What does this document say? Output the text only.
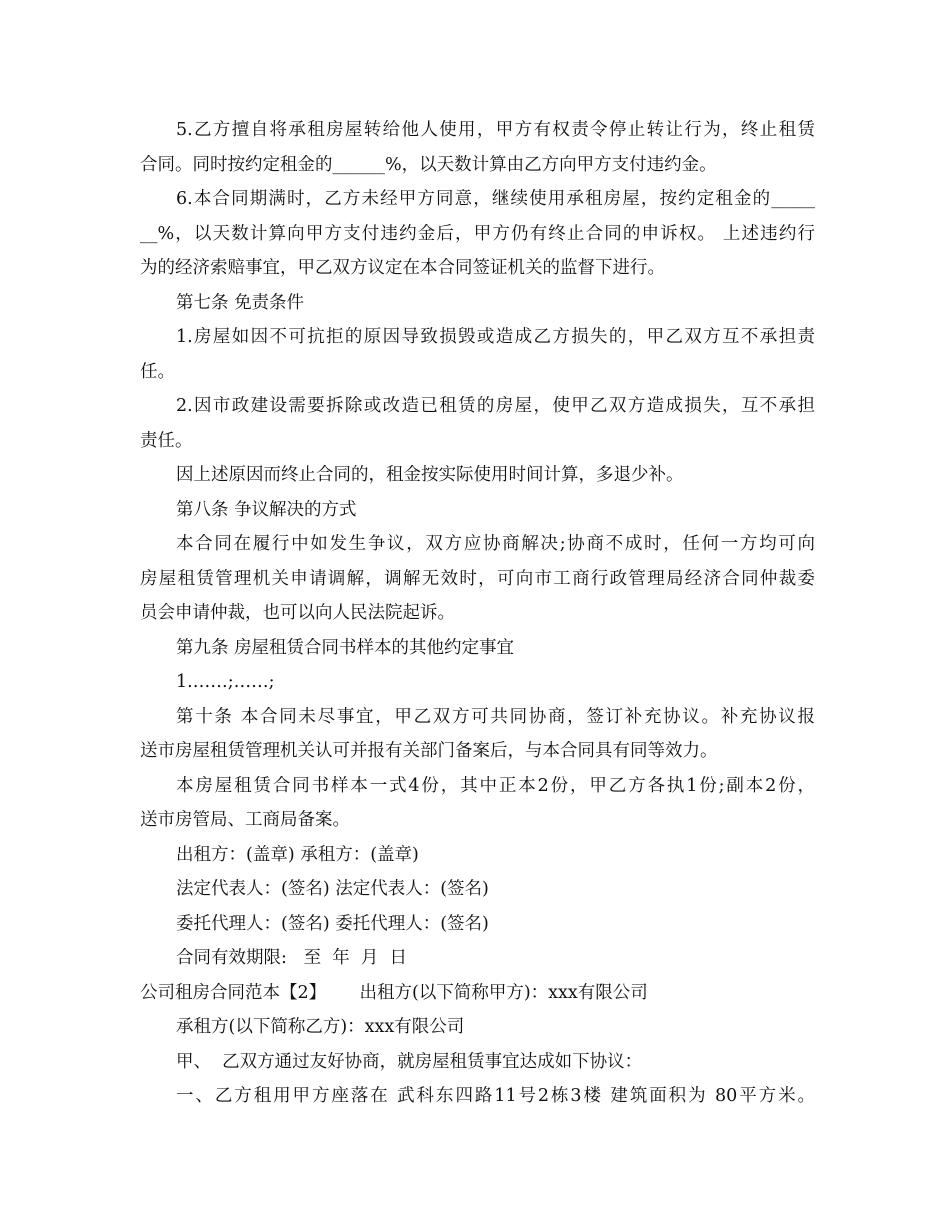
5.乙方擅自将承租房屋转给他人使用，甲方有权责令停止转让行为，终止租赁

合同。同时按约定租金的______%，以天数计算由乙方向甲方支付违约金。

6.本合同期满时，乙方未经甲方同意，继续使用承租房屋，按约定租金的_____

__%，以天数计算向甲方支付违约金后，甲方仍有终止合同的申诉权。 上述违约行

为的经济索赔事宜，甲乙双方议定在本合同签证机关的监督下进行。

第七条 免责条件

1.房屋如因不可抗拒的原因导致损毁或造成乙方损失的，甲乙双方互不承担责

任。

2.因市政建设需要拆除或改造已租赁的房屋，使甲乙双方造成损失，互不承担

责任。

因上述原因而终止合同的，租金按实际使用时间计算，多退少补。

第八条 争议解决的方式

本合同在履行中如发生争议，双方应协商解决;协商不成时，任何一方均可向

房屋租赁管理机关申请调解，调解无效时，可向市工商行政管理局经济合同仲裁委

员会申请仲裁，也可以向人民法院起诉。

第九条 房屋租赁合同书样本的其他约定事宜

1.……;……;

第十条 本合同未尽事宜，甲乙双方可共同协商，签订补充协议。补充协议报

送市房屋租赁管理机关认可并报有关部门备案后，与本合同具有同等效力。

本房屋租赁合同书样本一式4份，其中正本2份，甲乙方各执1份;副本2份，

送市房管局、工商局备案。

出租方：(盖章) 承租方：(盖章)

法定代表人：(签名) 法定代表人：(签名)

委托代理人：(签名) 委托代理人：(签名)

合同有效期限:   至  年  月  日

公司租房合同范本【2】      出租方(以下简称甲方)：xxx有限公司

承租方(以下简称乙方)：xxx有限公司

甲、  乙双方通过友好协商，就房屋租赁事宜达成如下协议：

一、乙方租用甲方座落在 武科东四路11号2栋3楼 建筑面积为 80平方米。
